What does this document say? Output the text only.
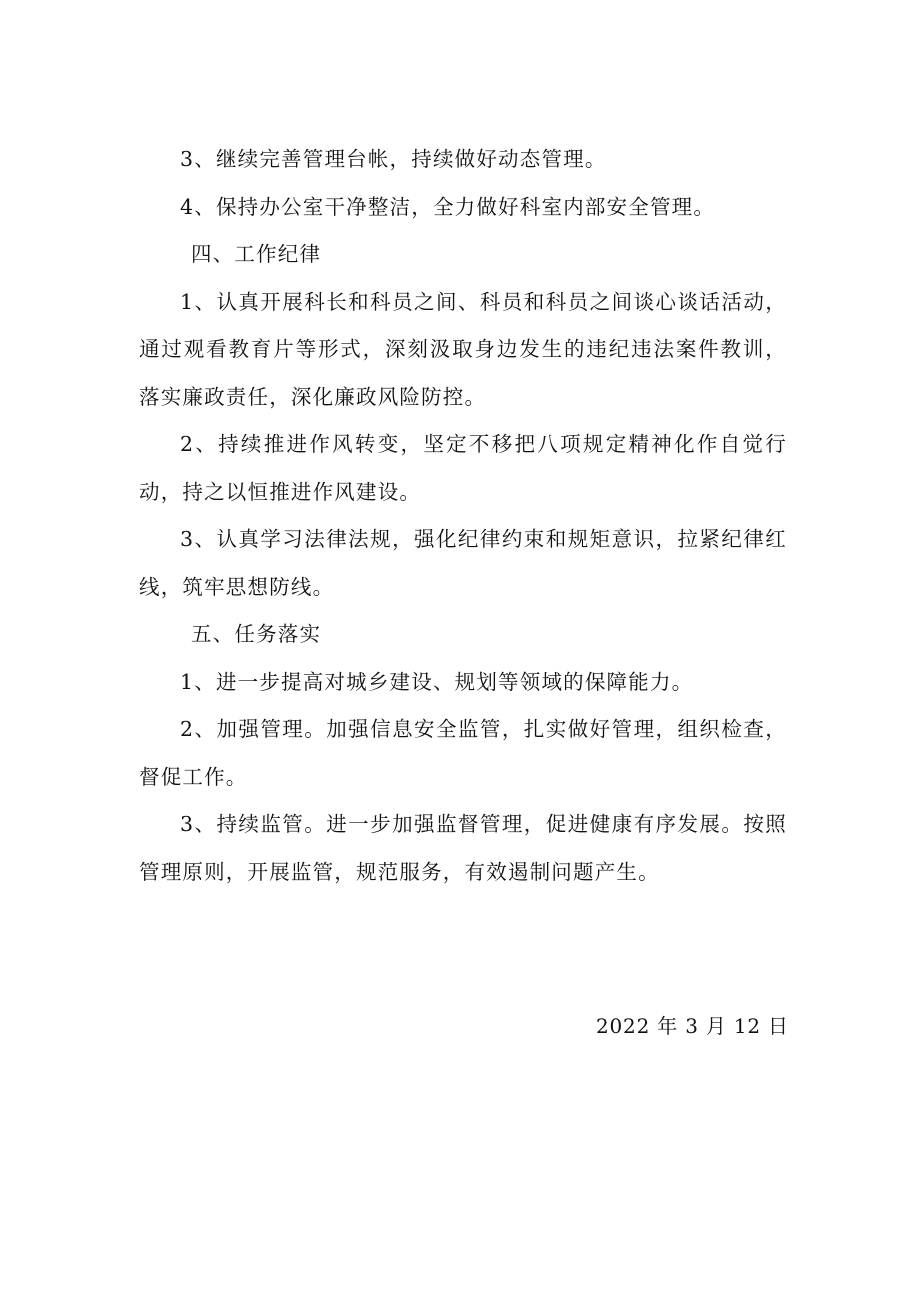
3、继续完善管理台帐，持续做好动态管理。

4、保持办公室干净整洁，全力做好科室内部安全管理。

四、工作纪律

1、认真开展科长和科员之间、科员和科员之间谈心谈话活动，通过观看教育片等形式，深刻汲取身边发生的违纪违法案件教训，落实廉政责任，深化廉政风险防控。

2、持续推进作风转变，坚定不移把八项规定精神化作自觉行动，持之以恒推进作风建设。

3、认真学习法律法规，强化纪律约束和规矩意识，拉紧纪律红线，筑牢思想防线。

五、任务落实

1、进一步提高对城乡建设、规划等领域的保障能力。

2、加强管理。加强信息安全监管，扎实做好管理，组织检查，督促工作。

3、持续监管。进一步加强监督管理，促进健康有序发展。按照管理原则，开展监管，规范服务，有效遏制问题产生。

2022 年 3 月 12 日
